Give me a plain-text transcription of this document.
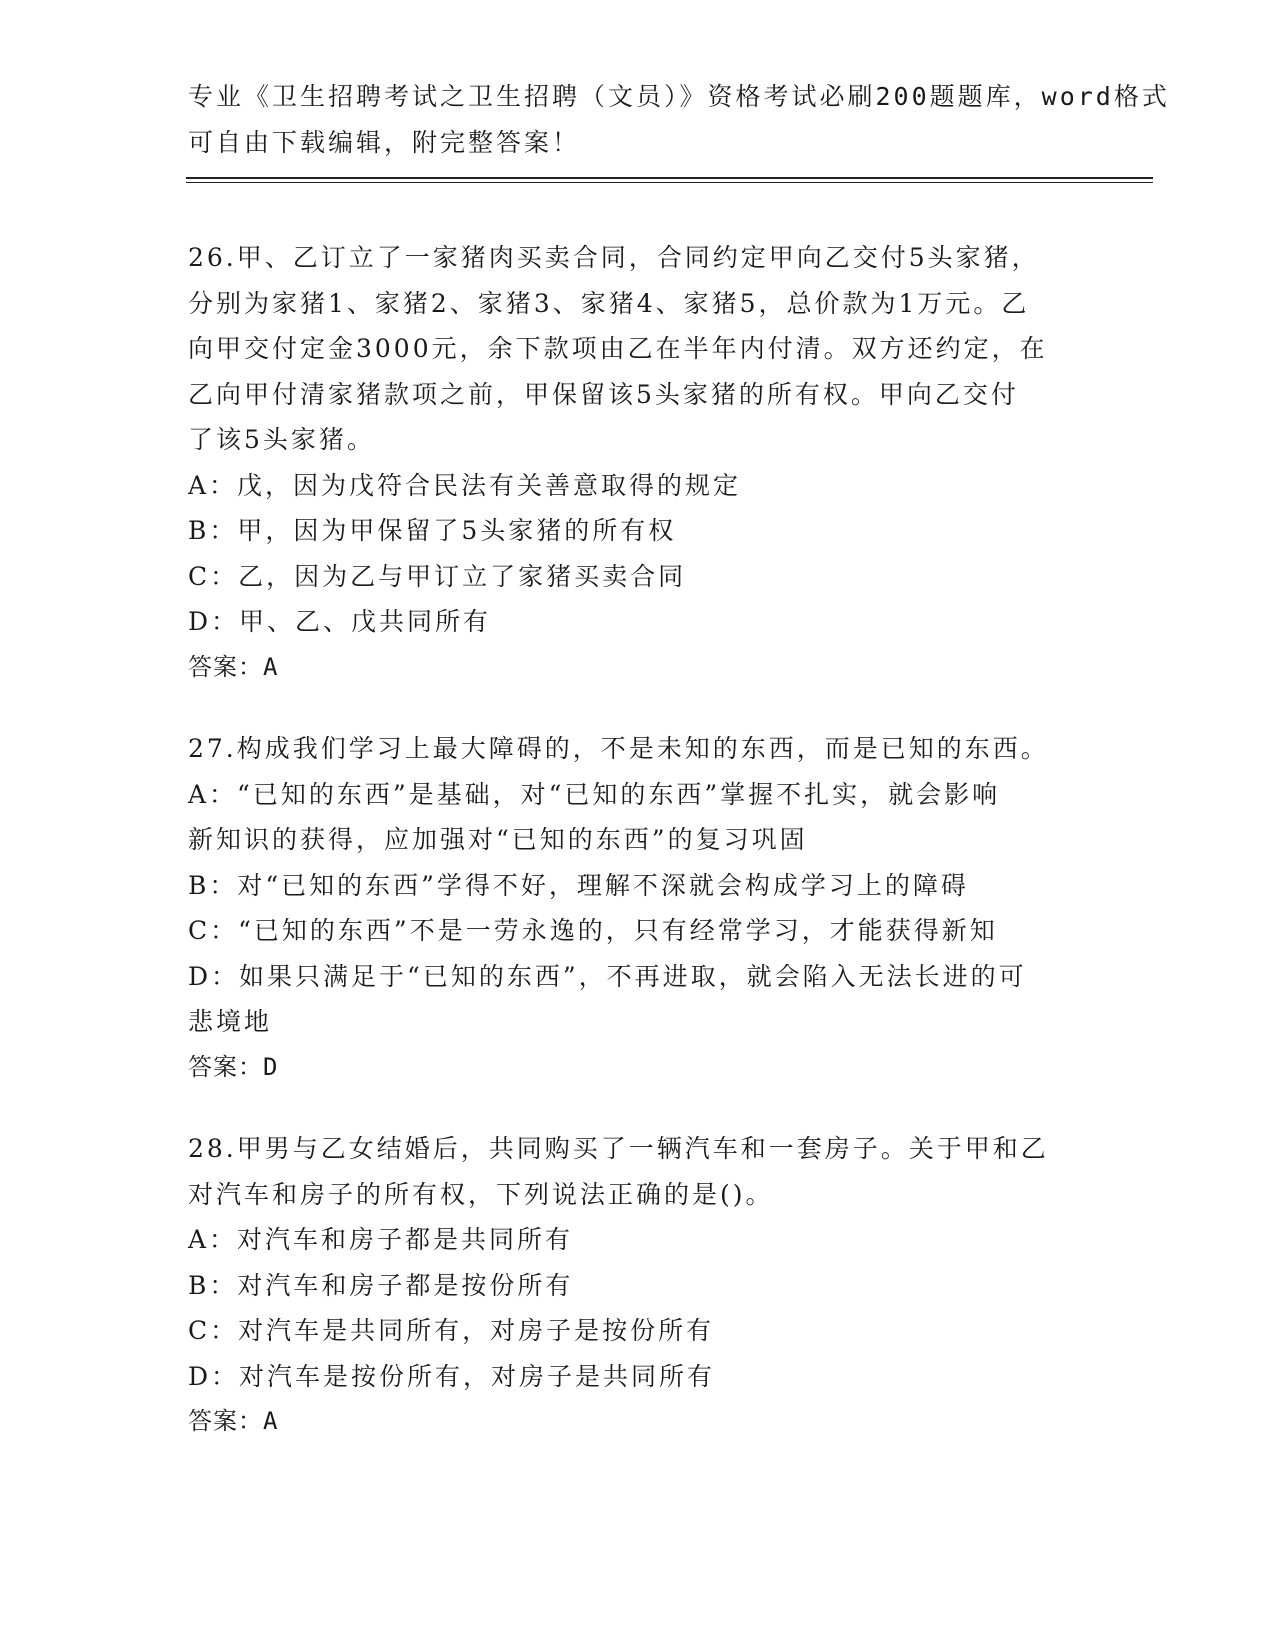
专业《卫生招聘考试之卫生招聘（文员）》资格考试必刷200题题库，word格式
可自由下载编辑，附完整答案！
26.甲、乙订立了一家猪肉买卖合同，合同约定甲向乙交付5头家猪，
分别为家猪1、家猪2、家猪3、家猪4、家猪5，总价款为1万元。乙
向甲交付定金3000元，余下款项由乙在半年内付清。双方还约定，在
乙向甲付清家猪款项之前，甲保留该5头家猪的所有权。甲向乙交付
了该5头家猪。
A：戊，因为戊符合民法有关善意取得的规定
B：甲，因为甲保留了5头家猪的所有权
C：乙，因为乙与甲订立了家猪买卖合同
D：甲、乙、戊共同所有
答案：A
27.构成我们学习上最大障碍的，不是未知的东西，而是已知的东西。
A：“已知的东西”是基础，对“已知的东西”掌握不扎实，就会影响
新知识的获得，应加强对“已知的东西”的复习巩固
B：对“已知的东西”学得不好，理解不深就会构成学习上的障碍
C：“已知的东西”不是一劳永逸的，只有经常学习，才能获得新知
D：如果只满足于“已知的东西”，不再进取，就会陷入无法长进的可
悲境地
答案：D
28.甲男与乙女结婚后，共同购买了一辆汽车和一套房子。关于甲和乙
对汽车和房子的所有权，下列说法正确的是()。
A：对汽车和房子都是共同所有
B：对汽车和房子都是按份所有
C：对汽车是共同所有，对房子是按份所有
D：对汽车是按份所有，对房子是共同所有
答案：A
